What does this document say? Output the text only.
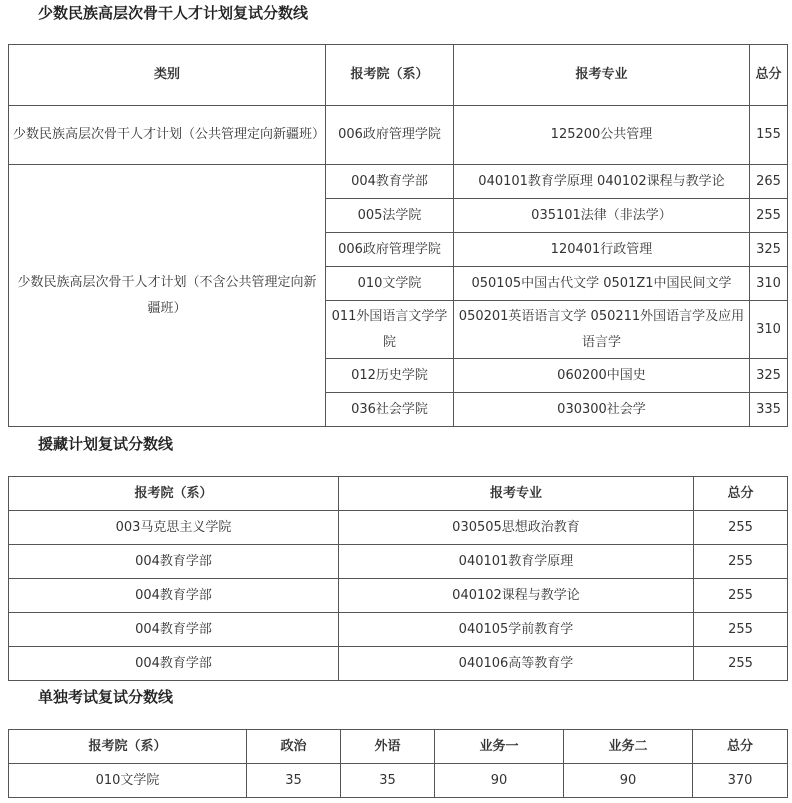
少数民族高层次骨干人才计划复试分数线
类别	报考院（系）	报考专业	总分
少数民族高层次骨干人才计划（公共管理定向新疆班）	006政府管理学院	125200公共管理	155
少数民族高层次骨干人才计划（不含公共管理定向新疆班）	004教育学部	040101教育学原理 040102课程与教学论	265
	005法学院	035101法律（非法学）	255
	006政府管理学院	120401行政管理	325
	010文学院	050105中国古代文学 0501Z1中国民间文学	310
	011外国语言文学学院	050201英语语言文学 050211外国语言学及应用语言学	310
	012历史学院	060200中国史	325
	036社会学院	030300社会学	335
援藏计划复试分数线
报考院（系）	报考专业	总分
003马克思主义学院	030505思想政治教育	255
004教育学部	040101教育学原理	255
004教育学部	040102课程与教学论	255
004教育学部	040105学前教育学	255
004教育学部	040106高等教育学	255
单独考试复试分数线
报考院（系）	政治	外语	业务一	业务二	总分
010文学院	35	35	90	90	370
